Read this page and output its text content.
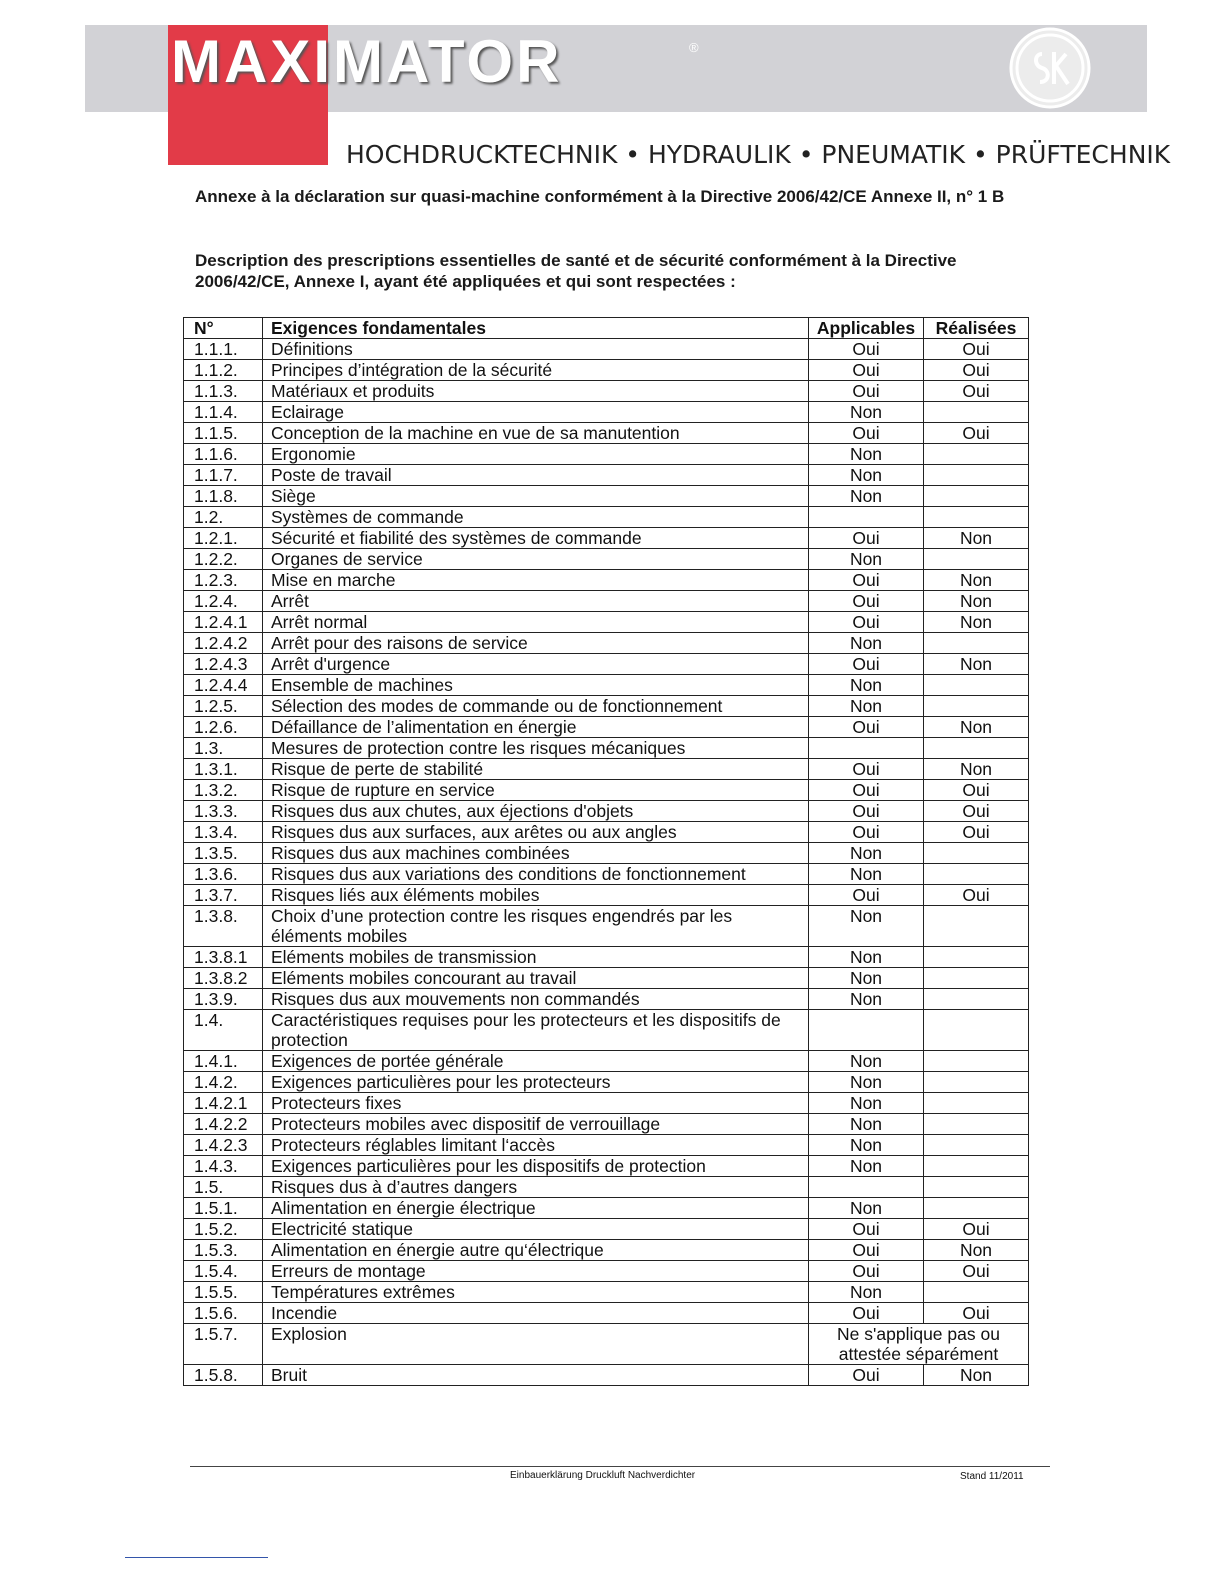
MAXIMATOR	®
HOCHDRUCKTECHNIK • HYDRAULIK • PNEUMATIK • PRÜFTECHNIK
Annexe à la déclaration sur quasi-machine conformément à la Directive 2006/42/CE Annexe II, n° 1 B
Description des prescriptions essentielles de santé et de sécurité conformément à la Directive 2006/42/CE, Annexe I, ayant été appliquées et qui sont respectées :
N°	Exigences fondamentales	Applicables	Réalisées
1.1.1.	Définitions	Oui	Oui
1.1.2.	Principes d’intégration de la sécurité	Oui	Oui
1.1.3.	Matériaux et produits	Oui	Oui
1.1.4.	Eclairage	Non	
1.1.5.	Conception de la machine en vue de sa manutention	Oui	Oui
1.1.6.	Ergonomie	Non	
1.1.7.	Poste de travail	Non	
1.1.8.	Siège	Non	
1.2.	Systèmes de commande		
1.2.1.	Sécurité et fiabilité des systèmes de commande	Oui	Non
1.2.2.	Organes de service	Non	
1.2.3.	Mise en marche	Oui	Non
1.2.4.	Arrêt	Oui	Non
1.2.4.1	Arrêt normal	Oui	Non
1.2.4.2	Arrêt pour des raisons de service	Non	
1.2.4.3	Arrêt d'urgence	Oui	Non
1.2.4.4	Ensemble de machines	Non	
1.2.5.	Sélection des modes de commande ou de fonctionnement	Non	
1.2.6.	Défaillance de l’alimentation en énergie	Oui	Non
1.3.	Mesures de protection contre les risques mécaniques		
1.3.1.	Risque de perte de stabilité	Oui	Non
1.3.2.	Risque de rupture en service	Oui	Oui
1.3.3.	Risques dus aux chutes, aux éjections d'objets	Oui	Oui
1.3.4.	Risques dus aux surfaces, aux arêtes ou aux angles	Oui	Oui
1.3.5.	Risques dus aux machines combinées	Non	
1.3.6.	Risques dus aux variations des conditions de fonctionnement	Non	
1.3.7.	Risques liés aux éléments mobiles	Oui	Oui
1.3.8.	Choix d’une protection contre les risques engendrés par les éléments mobiles	Non	
1.3.8.1	Eléments mobiles de transmission	Non	
1.3.8.2	Eléments mobiles concourant au travail	Non	
1.3.9.	Risques dus aux mouvements non commandés	Non	
1.4.	Caractéristiques requises pour les protecteurs et les dispositifs de protection		
1.4.1.	Exigences de portée générale	Non	
1.4.2.	Exigences particulières pour les protecteurs	Non	
1.4.2.1	Protecteurs fixes	Non	
1.4.2.2	Protecteurs mobiles avec dispositif de verrouillage	Non	
1.4.2.3	Protecteurs réglables limitant l‘accès	Non	
1.4.3.	Exigences particulières pour les dispositifs de protection	Non	
1.5.	Risques dus à d’autres dangers		
1.5.1.	Alimentation en énergie électrique	Non	
1.5.2.	Electricité statique	Oui	Oui
1.5.3.	Alimentation en énergie autre qu‘électrique	Oui	Non
1.5.4.	Erreurs de montage	Oui	Oui
1.5.5.	Températures extrêmes	Non	
1.5.6.	Incendie	Oui	Oui
1.5.7.	Explosion	Ne s'applique pas ou attestée séparément	
1.5.8.	Bruit	Oui	Non
Einbauerklärung Druckluft Nachverdichter	Stand 11/2011
